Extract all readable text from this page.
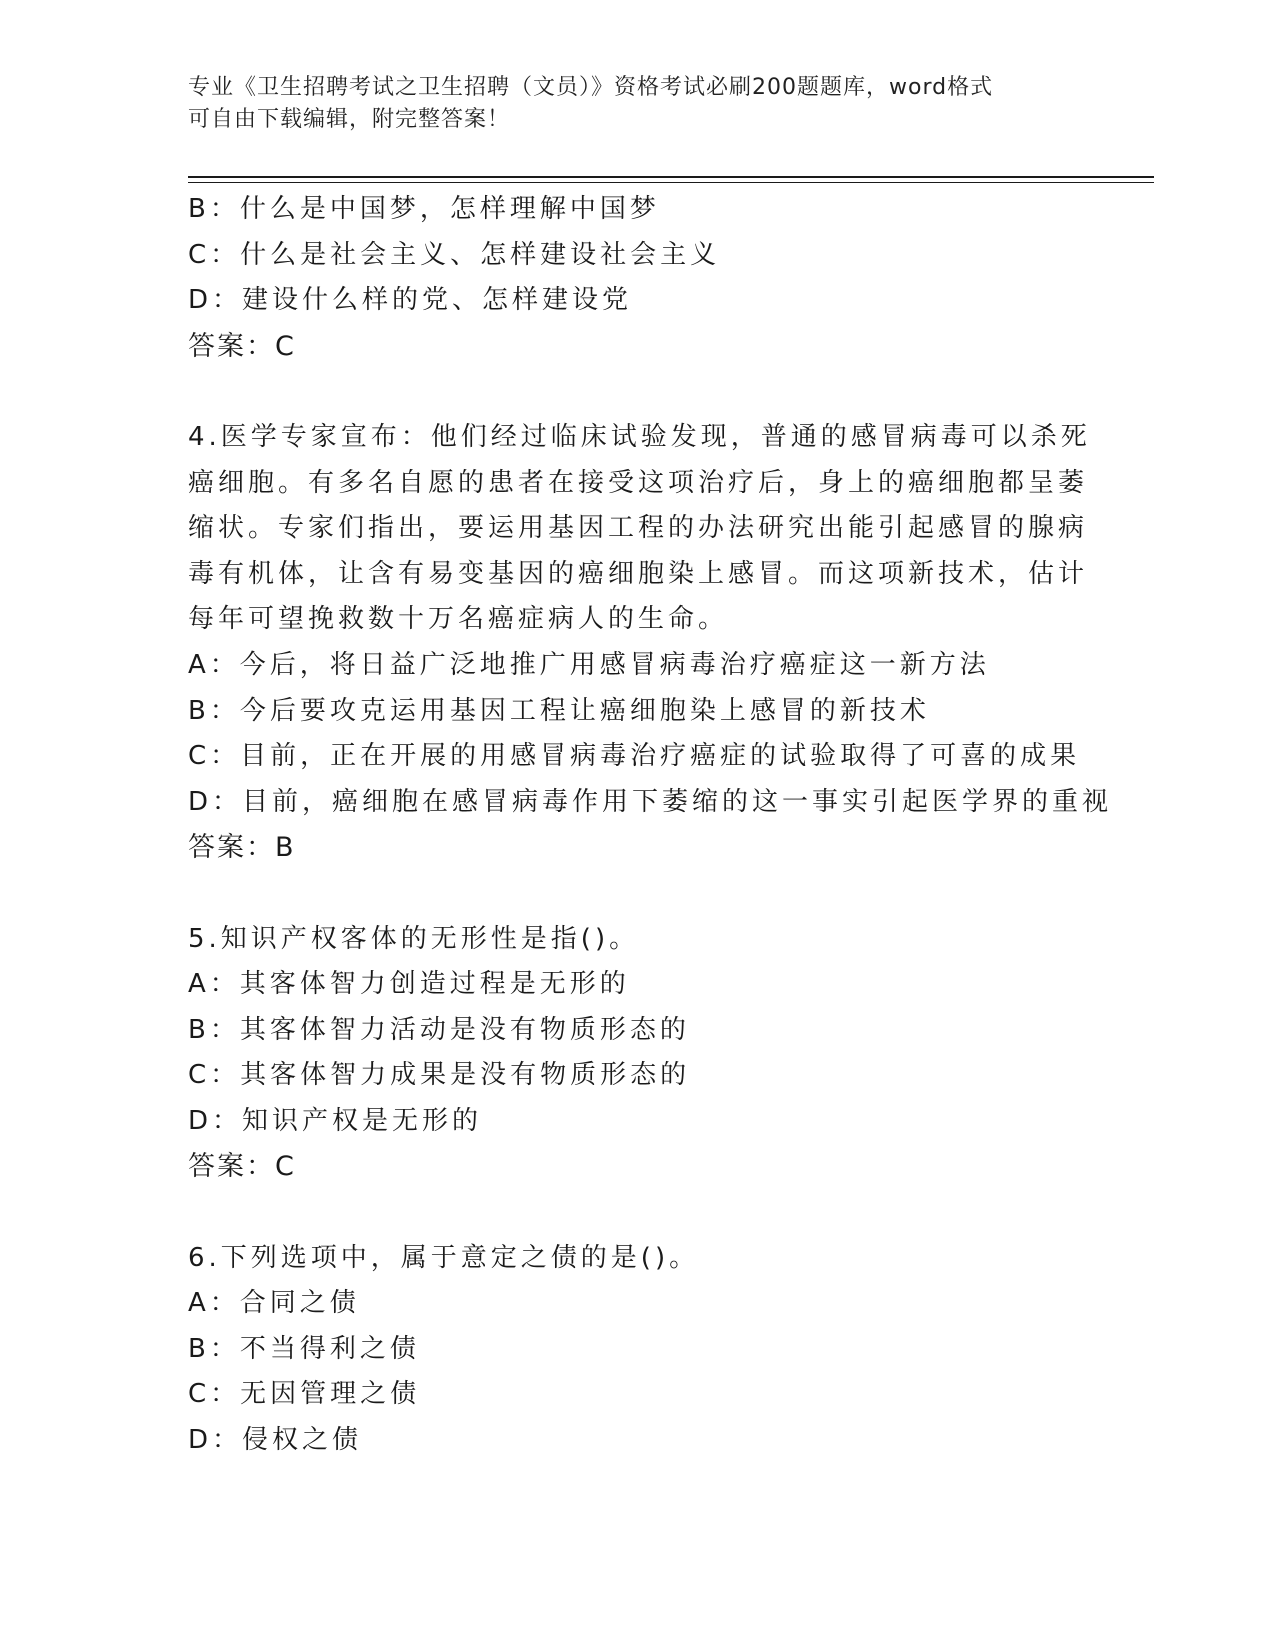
专业《卫生招聘考试之卫生招聘（文员）》资格考试必刷200题题库，word格式
可自由下载编辑，附完整答案！
B：什么是中国梦，怎样理解中国梦
C：什么是社会主义、怎样建设社会主义
D：建设什么样的党、怎样建设党
答案：C
4.医学专家宣布：他们经过临床试验发现，普通的感冒病毒可以杀死
癌细胞。有多名自愿的患者在接受这项治疗后，身上的癌细胞都呈萎
缩状。专家们指出，要运用基因工程的办法研究出能引起感冒的腺病
毒有机体，让含有易变基因的癌细胞染上感冒。而这项新技术，估计
每年可望挽救数十万名癌症病人的生命。
A：今后，将日益广泛地推广用感冒病毒治疗癌症这一新方法
B：今后要攻克运用基因工程让癌细胞染上感冒的新技术
C：目前，正在开展的用感冒病毒治疗癌症的试验取得了可喜的成果
D：目前，癌细胞在感冒病毒作用下萎缩的这一事实引起医学界的重视
答案：B
5.知识产权客体的无形性是指()。
A：其客体智力创造过程是无形的
B：其客体智力活动是没有物质形态的
C：其客体智力成果是没有物质形态的
D：知识产权是无形的
答案：C
6.下列选项中，属于意定之债的是()。
A：合同之债
B：不当得利之债
C：无因管理之债
D：侵权之债
